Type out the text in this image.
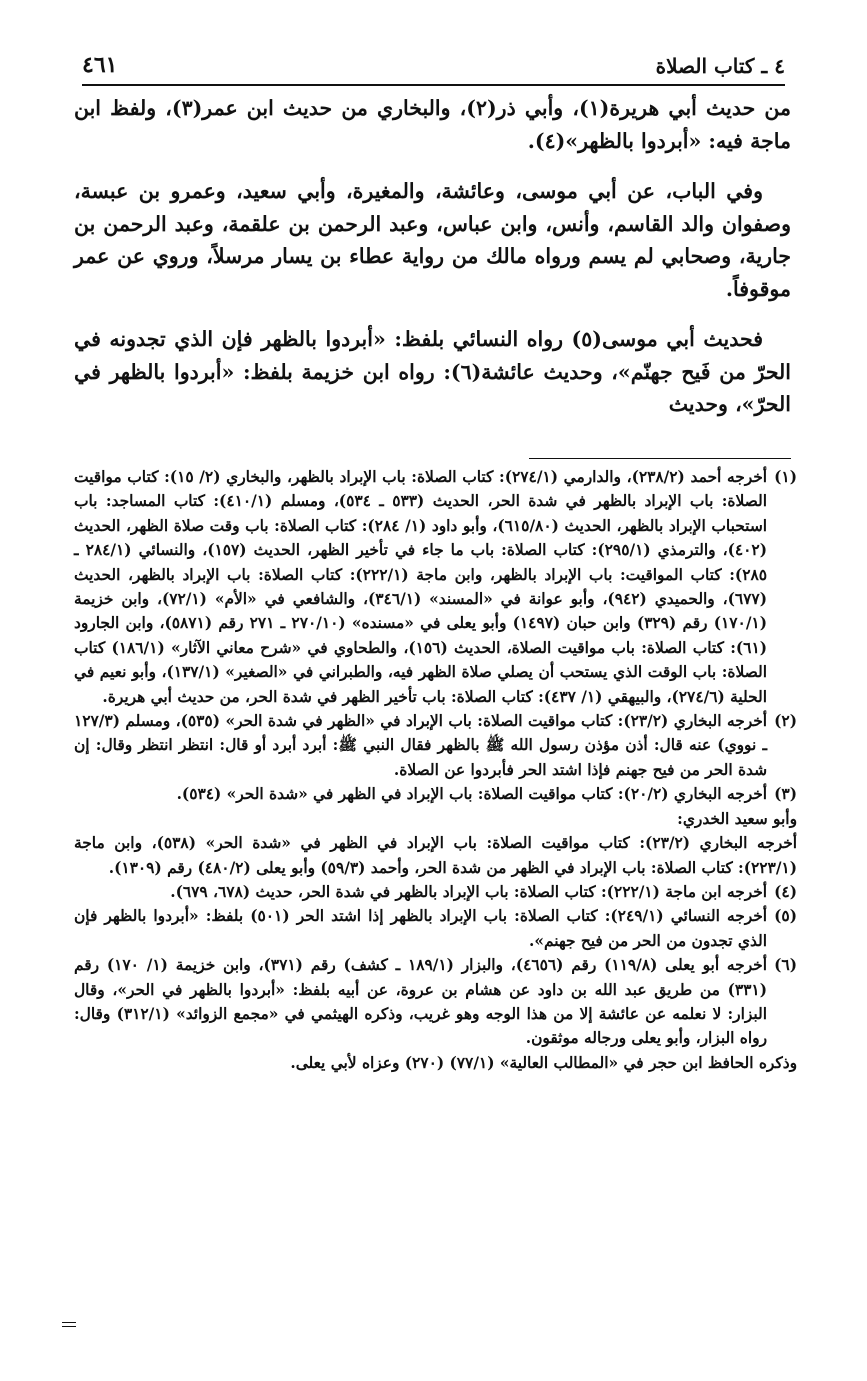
٤ ـ كتاب الصلاة
٤٦١

من حديث أبي هريرة(١)، وأبي ذر(٢)، والبخاري من حديث ابن عمر(٣)، ولفظ ابن ماجة فيه: «أبردوا بالظهر»(٤).

وفي الباب، عن أبي موسى، وعائشة، والمغيرة، وأبي سعيد، وعمرو بن عبسة، وصفوان والد القاسم، وأنس، وابن عباس، وعبد الرحمن بن علقمة، وعبد الرحمن بن جارية، وصحابي لم يسم ورواه مالك من رواية عطاء بن يسار مرسلاً، وروي عن عمر موقوفاً.

فحديث أبي موسى(٥) رواه النسائي بلفظ: «أبردوا بالظهر فإن الذي تجدونه في الحرّ من فَيح جهنّم»، وحديث عائشة(٦): رواه ابن خزيمة بلفظ: «أبردوا بالظهر في الحرّ»، وحديث

(١)
أخرجه أحمد (٢٣٨/٢)، والدارمي (٢٧٤/١): كتاب الصلاة: باب الإبراد بالظهر، والبخاري (٢/ ١٥): كتاب مواقيت الصلاة: باب الإبراد بالظهر في شدة الحر، الحديث (٥٣٣ ـ ٥٣٤)، ومسلم (٤١٠/١): كتاب المساجد: باب استحباب الإبراد بالظهر، الحديث (٦١٥/٨٠)، وأبو داود (١/ ٢٨٤): كتاب الصلاة: باب وقت صلاة الظهر، الحديث (٤٠٢)، والترمذي (٢٩٥/١): كتاب الصلاة: باب ما جاء في تأخير الظهر، الحديث (١٥٧)، والنسائي (٢٨٤/١ ـ ٢٨٥): كتاب المواقيت: باب الإبراد بالظهر، وابن ماجة (٢٢٢/١): كتاب الصلاة: باب الإبراد بالظهر، الحديث (٦٧٧)، والحميدي (٩٤٢)، وأبو عوانة في «المسند» (٣٤٦/١)، والشافعي في «الأم» (٧٢/١)، وابن خزيمة (١٧٠/١) رقم (٣٢٩) وابن حبان (١٤٩٧) وأبو يعلى في «مسنده» (٢٧٠/١٠ ـ ٢٧١ رقم (٥٨٧١)، وابن الجارود (٦١): كتاب الصلاة: باب مواقيت الصلاة، الحديث (١٥٦)، والطحاوي في «شرح معاني الآثار» (١٨٦/١) كتاب الصلاة: باب الوقت الذي يستحب أن يصلي صلاة الظهر فيه، والطبراني في «الصغير» (١٣٧/١)، وأبو نعيم في الحلية (٢٧٤/٦)، والبيهقي (١/ ٤٣٧): كتاب الصلاة: باب تأخير الظهر في شدة الحر، من حديث أبي هريرة.
(٢)
أخرجه البخاري (٢٣/٢): كتاب مواقيت الصلاة: باب الإبراد في «الظهر في شدة الحر» (٥٣٥)، ومسلم (١٢٧/٣ ـ نووي) عنه قال: أذن مؤذن رسول الله ﷺ بالظهر فقال النبي ﷺ: أبرد أبرد أو قال: انتظر انتظر وقال: إن شدة الحر من فيح جهنم فإذا اشتد الحر فأبردوا عن الصلاة.
(٣)
أخرجه البخاري (٢٠/٢): كتاب مواقيت الصلاة: باب الإبراد في الظهر في «شدة الحر» (٥٣٤).
وأبو سعيد الخدري:
أخرجه البخاري (٢٣/٢): كتاب مواقيت الصلاة: باب الإبراد في الظهر في «شدة الحر» (٥٣٨)، وابن ماجة (٢٢٣/١): كتاب الصلاة: باب الإبراد في الظهر من شدة الحر، وأحمد (٥٩/٣) وأبو يعلى (٤٨٠/٢) رقم (١٣٠٩).
(٤)
أخرجه ابن ماجة (٢٢٢/١): كتاب الصلاة: باب الإبراد بالظهر في شدة الحر، حديث (٦٧٨، ٦٧٩).
(٥)
أخرجه النسائي (٢٤٩/١): كتاب الصلاة: باب الإبراد بالظهر إذا اشتد الحر (٥٠١) بلفظ: «أبردوا بالظهر فإن الذي تجدون من الحر من فيح جهنم».
(٦)
أخرجه أبو يعلى (١١٩/٨) رقم (٤٦٥٦)، والبزار (١٨٩/١ ـ كشف) رقم (٣٧١)، وابن خزيمة (١/ ١٧٠) رقم (٣٣١) من طريق عبد الله بن داود عن هشام بن عروة، عن أبيه بلفظ: «أبردوا بالظهر في الحر»، وقال البزار: لا نعلمه عن عائشة إلا من هذا الوجه وهو غريب، وذكره الهيثمي في «مجمع الزوائد» (٣١٢/١) وقال: رواه البزار، وأبو يعلى ورجاله موثقون.
وذكره الحافظ ابن حجر في «المطالب العالية» (٧٧/١) (٢٧٠) وعزاه لأبي يعلى.
